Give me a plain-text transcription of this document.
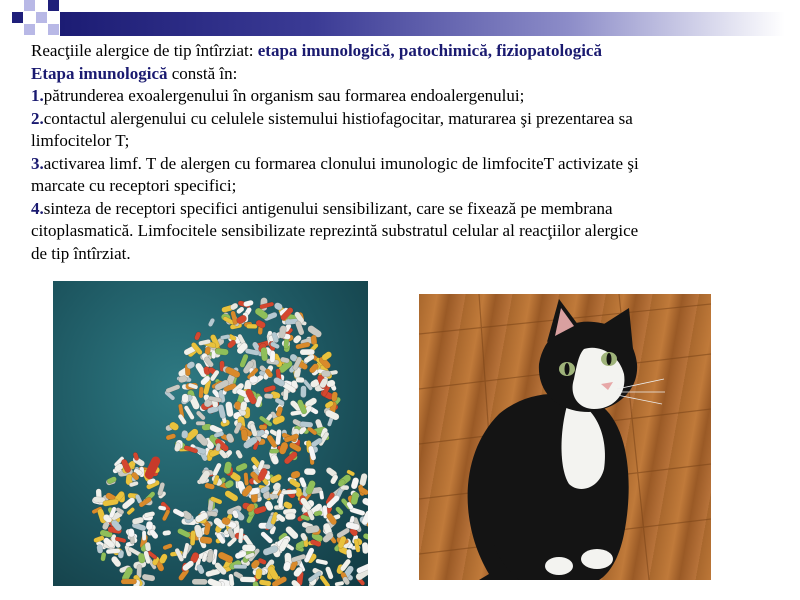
Reacţiile alergice de tip întîrziat: etapa imunologică, patochimică, fiziopatologică
Etapa imunologică constă în:
1.pătrunderea exoalergenului în organism sau formarea endoalergenului;
2.contactul alergenului cu celulele sistemului histiofagocitar, maturarea şi prezentarea sa
limfocitelor T;
3.activarea limf. T de alergen cu formarea clonului imunologic de limfociteT activizate şi
marcate cu receptori specifici;
4.sinteza de receptori specifici antigenului sensibilizant, care se fixează pe membrana
citoplasmatică. Limfocitele sensibilizate reprezintă substratul celular al reacţiilor alergice
de tip întîrziat.
